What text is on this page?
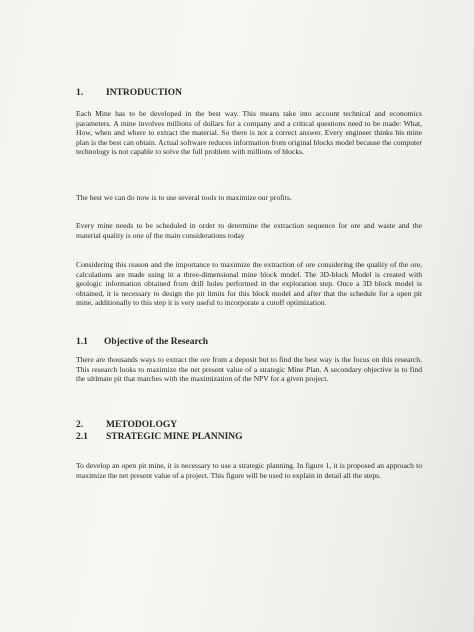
1. INTRODUCTION

Each Mine has to be developed in the best way. This means take into account technical and economics parameters. A mine involves millions of dollars for a company and a critical questions need to be made: What, How, when and where to extract the material. So there is not a correct answer. Every engineer thinks his mine plan is the best can obtain. Actual software reduces information from original blocks model because the computer technology is not capable to solve the full problem with millions of blocks.

The best we can do now is to use several tools to maximize our profits.

Every mine needs to be scheduled in order to determine the extraction sequence for ore and waste and the material quality is one of the main considerations today

Considering this reason and the importance to maximize the extraction of ore considering the quality of the ore, calculations are made using in a three-dimensional mine block model. The 3D-block Model is created with geologic information obtained from drill holes performed in the exploration step. Once a 3D block model is obtained, it is necessary to design the pit limits for this block model and after that the schedule for a open pit mine, additionally to this step it is very useful to incorporate a cutoff optimization.

1.1 Objective of the Research

There are thousands ways to extract the ore from a deposit but to find the best way is the focus on this research. This research looks to maximize the net present value of a strategic Mine Plan. A secondary objective is to find the ultimate pit that matches with the maximization of the NPV for a given project.

2. METODOLOGY
2.1 STRATEGIC MINE PLANNING

To develop an open pit mine, it is necessary to use a strategic planning. In figure 1, it is proposed an approach to maximize the net present value of a project. This figure will be used to explain in detail all the steps.
